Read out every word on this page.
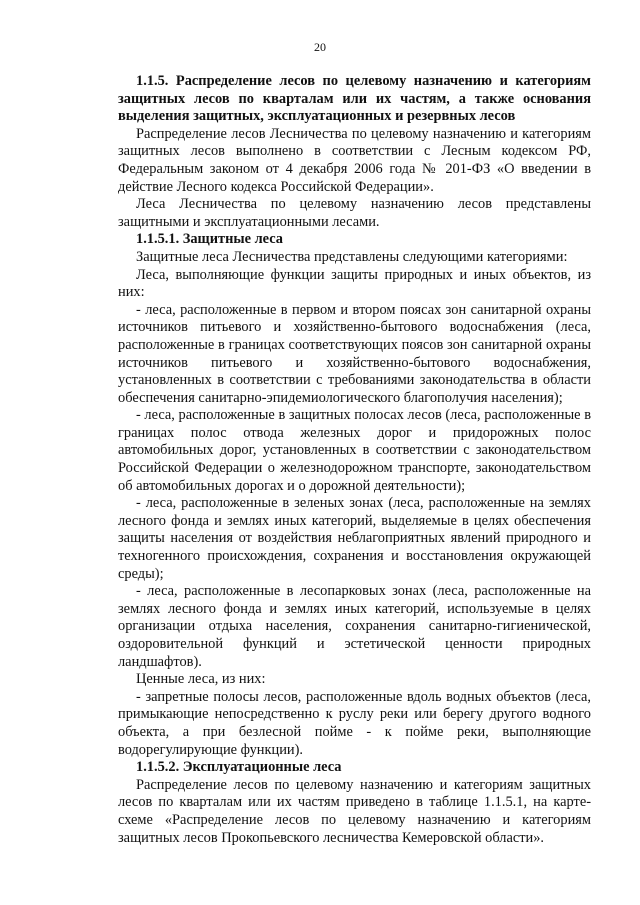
20

1.1.5. Распределение лесов по целевому назначению и категориям защитных лесов по кварталам или их частям, а также основания выделения защитных, эксплуатационных и резервных лесов

Распределение лесов Лесничества по целевому назначению и категориям защитных лесов выполнено в соответствии с Лесным кодексом РФ, Федеральным законом от 4 декабря 2006 года № 201-ФЗ «О введении в действие Лесного кодекса Российской Федерации».

Леса Лесничества по целевому назначению лесов представлены защитными и эксплуатационными лесами.

1.1.5.1. Защитные леса

Защитные леса Лесничества представлены следующими категориями:

Леса, выполняющие функции защиты природных и иных объектов, из них:

- леса, расположенные в первом и втором поясах зон санитарной охраны источников питьевого и хозяйственно-бытового водоснабжения (леса, расположенные в границах соответствующих поясов зон санитарной охраны источников питьевого и хозяйственно-бытового водоснабжения, установленных в соответствии с требованиями законодательства в области обеспечения санитарно-эпидемиологического благополучия населения);

- леса, расположенные в защитных полосах лесов (леса, расположенные в границах полос отвода железных дорог и придорожных полос автомобильных дорог, установленных в соответствии с законодательством Российской Федерации о железнодорожном транспорте, законодательством об автомобильных дорогах и о дорожной деятельности);

- леса, расположенные в зеленых зонах (леса, расположенные на землях лесного фонда и землях иных категорий, выделяемые в целях обеспечения защиты населения от воздействия неблагоприятных явлений природного и техногенного происхождения, сохранения и восстановления окружающей среды);

- леса, расположенные в лесопарковых зонах (леса, расположенные на землях лесного фонда и землях иных категорий, используемые в целях организации отдыха населения, сохранения санитарно-гигиенической, оздоровительной функций и эстетической ценности природных ландшафтов).

Ценные леса, из них:

- запретные полосы лесов, расположенные вдоль водных объектов (леса, примыкающие непосредственно к руслу реки или берегу другого водного объекта, а при безлесной пойме - к пойме реки, выполняющие водорегулирующие функции).

1.1.5.2. Эксплуатационные леса

Распределение лесов по целевому назначению и категориям защитных лесов по кварталам или их частям приведено в таблице 1.1.5.1, на карте-схеме «Распределение лесов по целевому назначению и категориям защитных лесов Прокопьевского лесничества Кемеровской области».
